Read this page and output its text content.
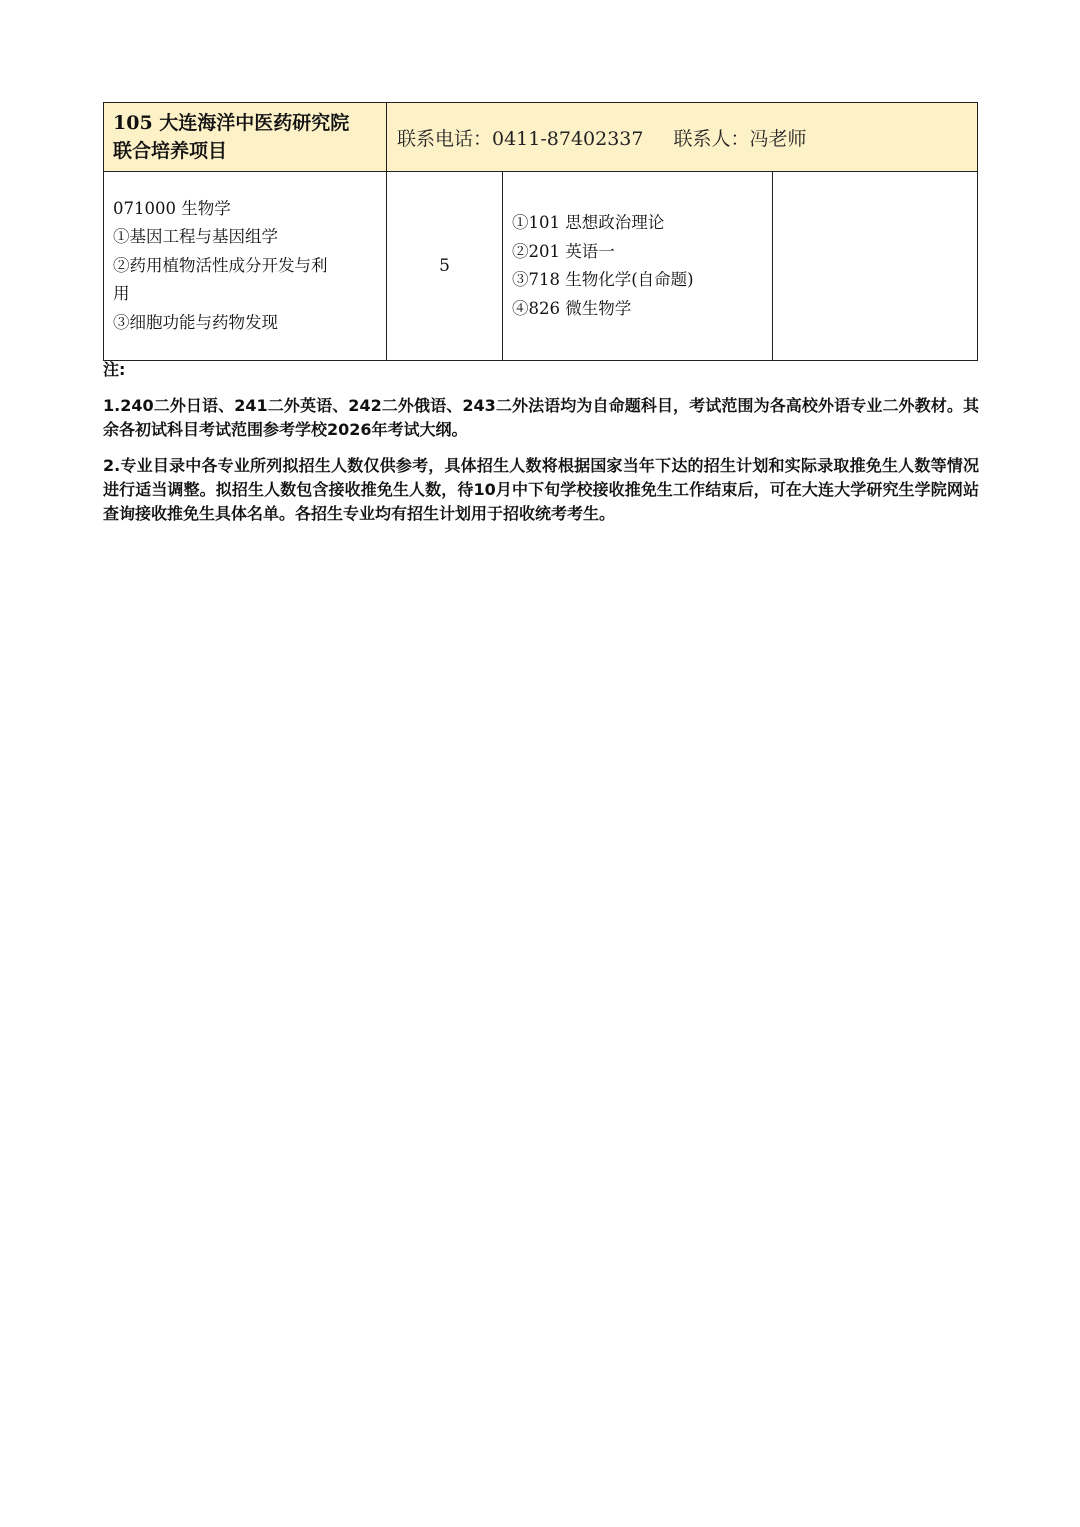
105 大连海洋中医药研究院
联合培养项目	联系电话：0411-87402337 联系人：冯老师		

071000 生物学
①基因工程与基因组学
②药用植物活性成分开发与利
用
③细胞功能与药物发现	5	①101 思想政治理论
②201 英语一
③718 生物化学(自命题)
④826 微生物学	

注:

1.240二外日语、241二外英语、242二外俄语、243二外法语均为自命题科目，考试范围为各高校外语专业二外教材。其余各初试科目考试范围参考学校2026年考试大纲。

2.专业目录中各专业所列拟招生人数仅供参考，具体招生人数将根据国家当年下达的招生计划和实际录取推免生人数等情况进行适当调整。拟招生人数包含接收推免生人数，待10月中下旬学校接收推免生工作结束后，可在大连大学研究生学院网站查询接收推免生具体名单。各招生专业均有招生计划用于招收统考考生。
